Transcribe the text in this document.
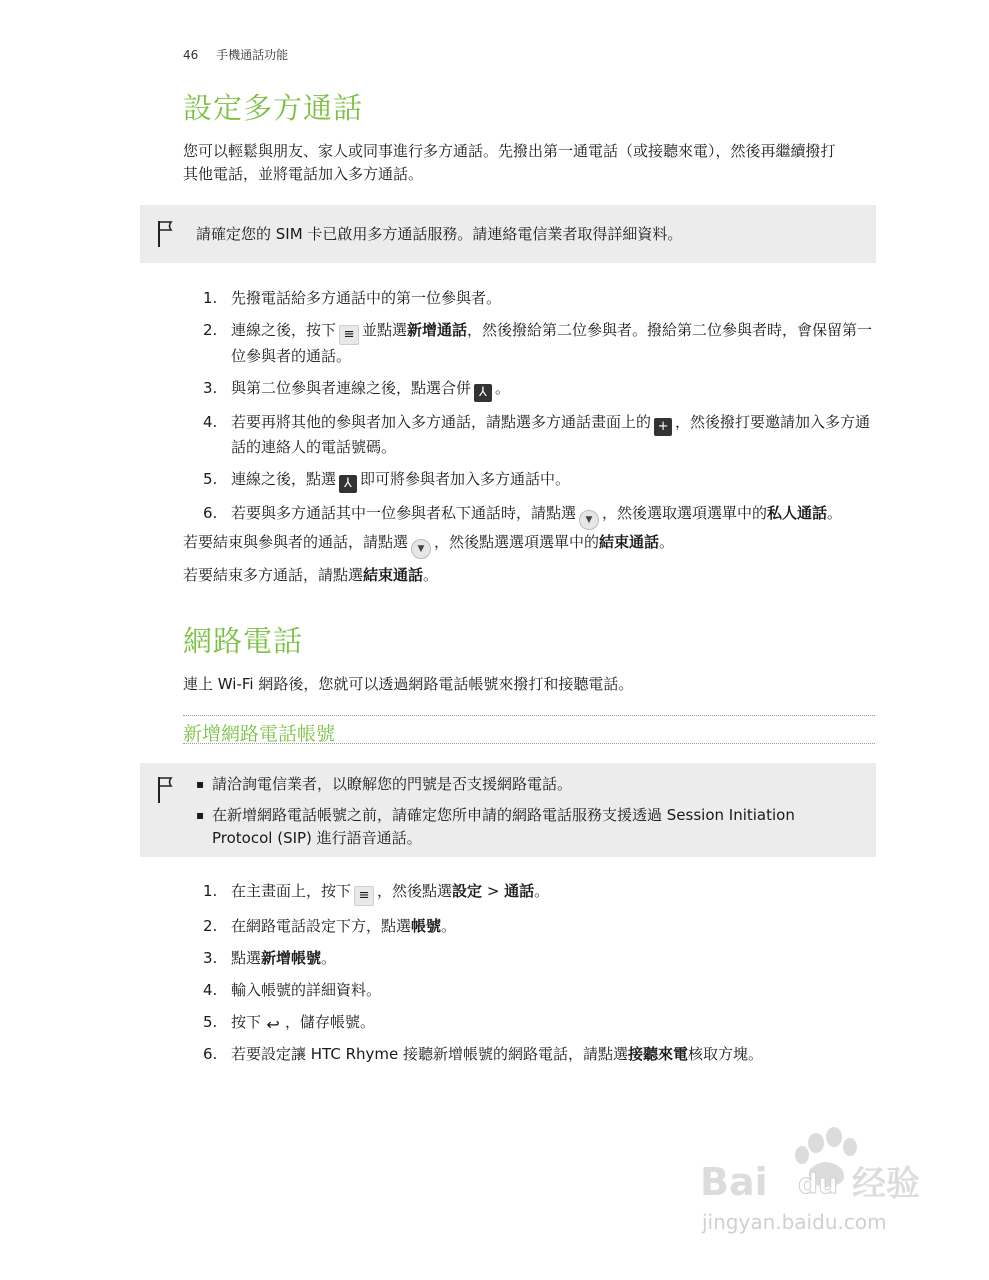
46 手機通話功能
設定多方通話
您可以輕鬆與朋友、家人或同事進行多方通話。先撥出第一通電話（或接聽來電），然後再繼續撥打
其他電話，並將電話加入多方通話。
請確定您的 SIM 卡已啟用多方通話服務。請連絡電信業者取得詳細資料。
1. 先撥電話給多方通話中的第一位參與者。
2. 連線之後，按下 ≡ 並點選新增通話，然後撥給第二位參與者。撥給第二位參與者時，會保留第一位參與者的通話。
3. 與第二位參與者連線之後，點選合併 ⅄ 。
4. 若要再將其他的參與者加入多方通話，請點選多方通話畫面上的 + ，然後撥打要邀請加入多方通話的連絡人的電話號碼。
5. 連線之後，點選 ⅄ 即可將參與者加入多方通話中。
6. 若要與多方通話其中一位參與者私下通話時，請點選 ▼ ，然後選取選項選單中的私人通話。
若要結束與參與者的通話，請點選 ▼ ，然後點選選項選單中的結束通話。
若要結束多方通話，請點選結束通話。
網路電話
連上 Wi-Fi 網路後，您就可以透過網路電話帳號來撥打和接聽電話。
新增網路電話帳號
▪ 請洽詢電信業者，以瞭解您的門號是否支援網路電話。
▪ 在新增網路電話帳號之前，請確定您所申請的網路電話服務支援透過 Session Initiation Protocol (SIP) 進行語音通話。
1. 在主畫面上，按下 ≡ ，然後點選設定 > 通話。
2. 在網路電話設定下方，點選帳號。
3. 點選新增帳號。
4. 輸入帳號的詳細資料。
5. 按下 ↩ ，儲存帳號。
6. 若要設定讓 HTC Rhyme 接聽新增帳號的網路電話，請點選接聽來電核取方塊。
Bai du 经验
jingyan.baidu.com
